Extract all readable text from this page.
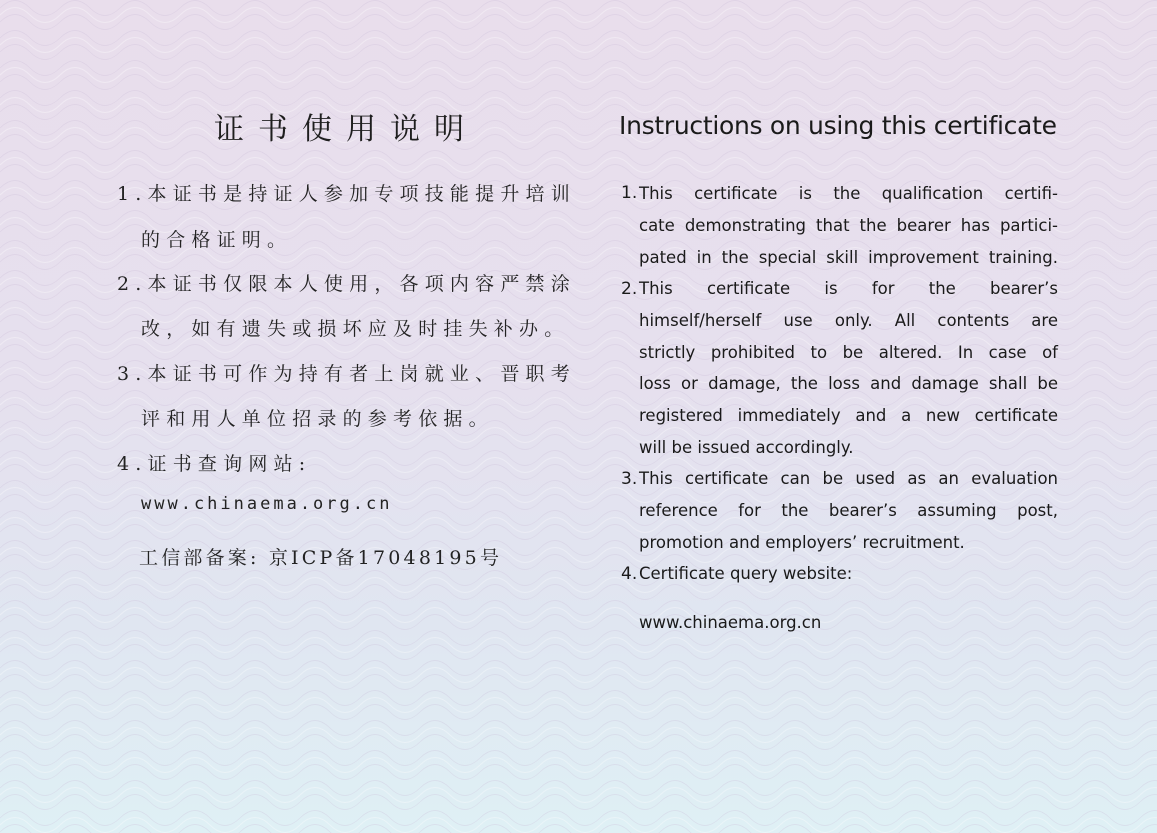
证书使用说明
1.本证书是持证人参加专项技能提升培训
的合格证明。
2.本证书仅限本人使用，各项内容严禁涂
改，如有遗失或损坏应及时挂失补办。
3.本证书可作为持有者上岗就业、晋职考
评和用人单位招录的参考依据。
4.证书查询网站:
www.chinaema.org.cn
工信部备案: 京ICP备17048195号
Instructions on using this certificate
1. This certificate is the qualification certifi-
cate demonstrating that the bearer has partici-
pated in the special skill improvement training.
2. This certificate is for the bearer’s
himself/herself use only. All contents are
strictly prohibited to be altered. In case of
loss or damage, the loss and damage shall be
registered immediately and a new certificate
will be issued accordingly.
3. This certificate can be used as an evaluation
reference for the bearer’s assuming post,
promotion and employers’ recruitment.
4. Certificate query website:
www.chinaema.org.cn
